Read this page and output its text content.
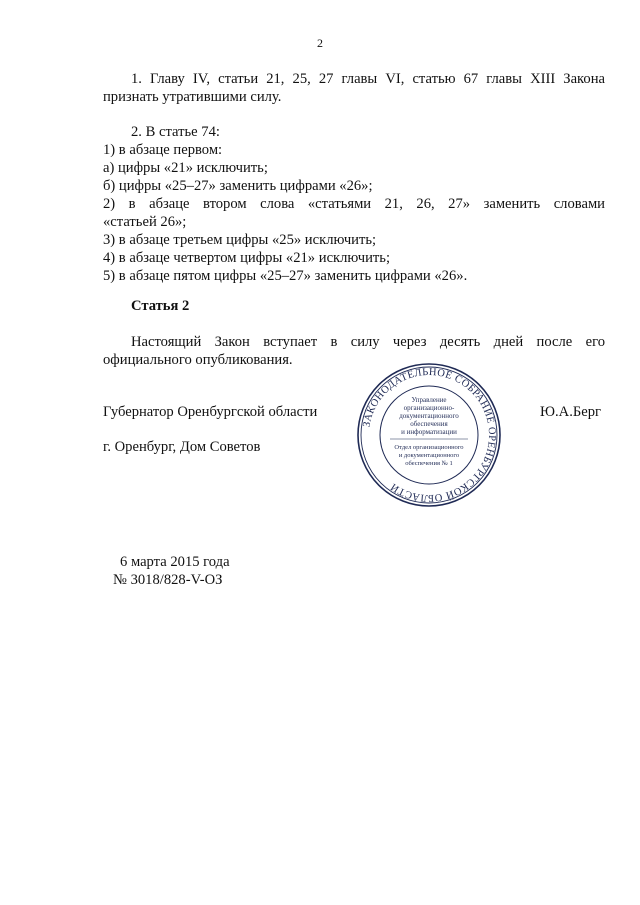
2
1. Главу IV, статьи 21, 25, 27 главы VI, статью 67 главы XIII Закона
признать утратившими силу.
2. В статье 74:
1) в абзаце первом:
а) цифры «21» исключить;
б) цифры «25–27» заменить цифрами «26»;
2) в абзаце втором слова «статьями 21, 26, 27» заменить словами
«статьей 26»;
3) в абзаце третьем цифры «25» исключить;
4) в абзаце четвертом цифры «21» исключить;
5) в абзаце пятом цифры «25–27» заменить цифрами «26».
Статья 2
Настоящий Закон вступает в силу через десять дней после его
официального опубликования.
Губернатор Оренбургской области	Ю.А.Берг
г. Оренбург, Дом Советов
ЗАКОНОДАТЕЛЬНОЕ СОБРАНИЕ ОРЕНБУРГСКОЙ ОБЛАСТИ
Управление
организационно-
документационного
обеспечения
и информатизации
Отдел организационного
и документационного
обеспечения № 1
6 марта 2015 года
№ 3018/828-V-ОЗ
